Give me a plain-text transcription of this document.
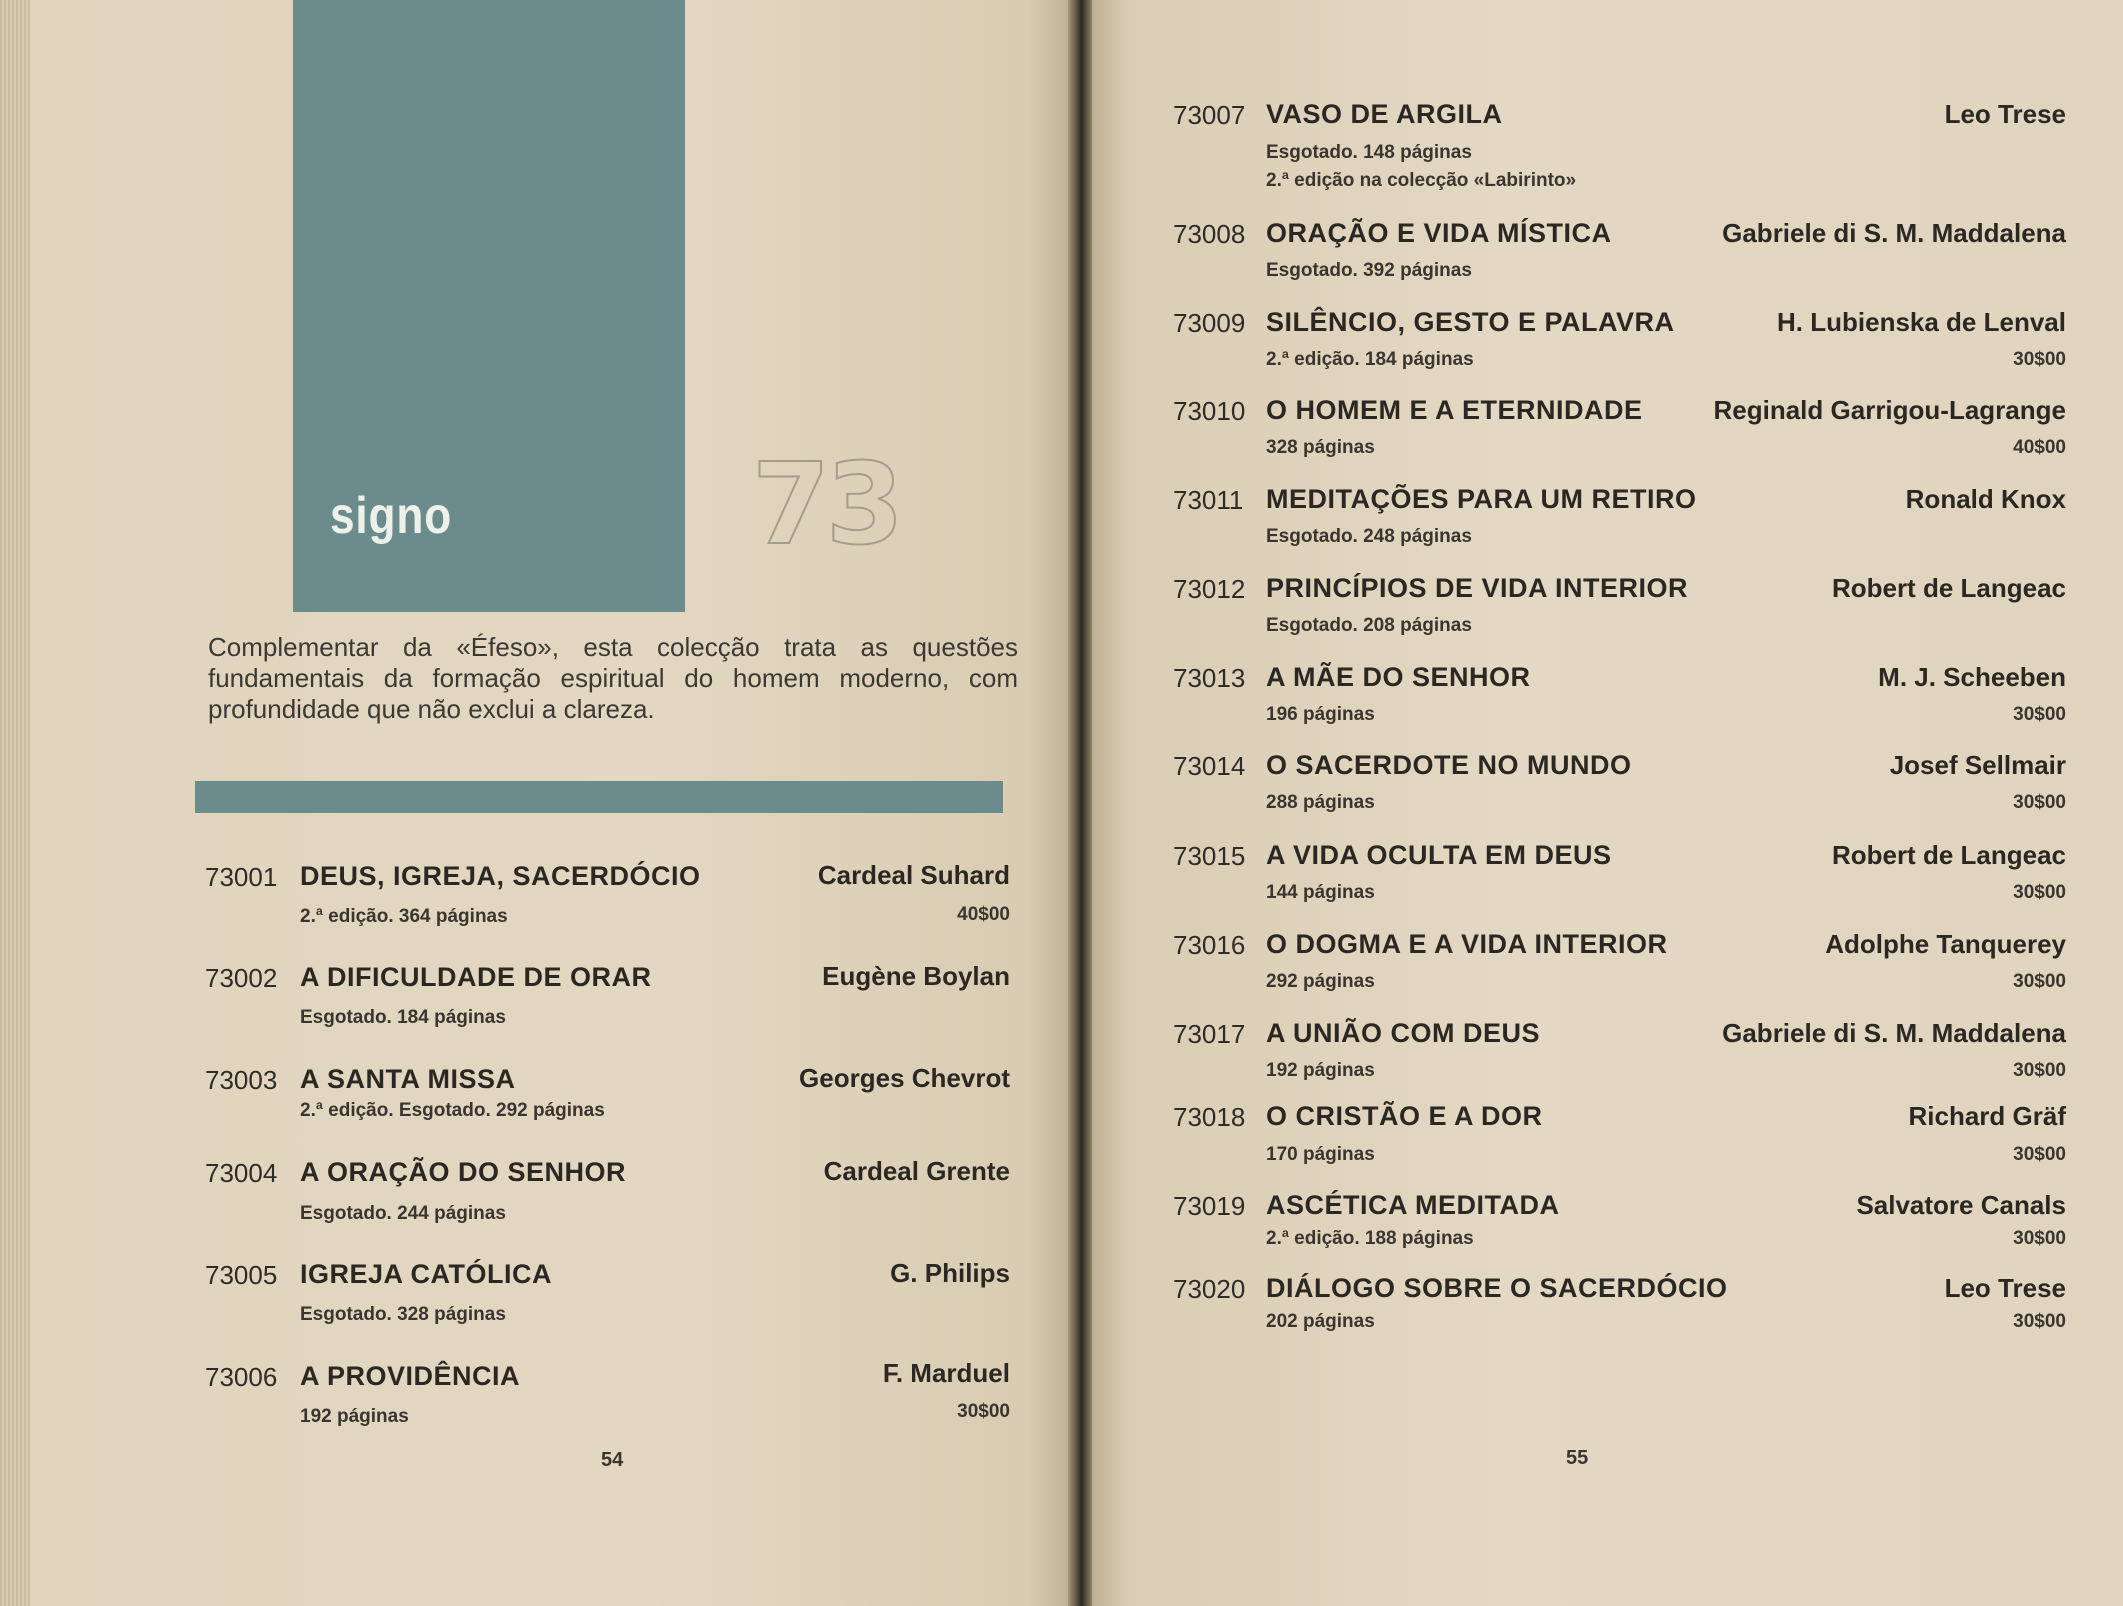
signo	73
Complementar da «Éfeso», esta colecção trata as questões fundamentais da formação espiritual do homem moderno, com profundidade que não exclui a clareza.
73001 DEUS, IGREJA, SACERDÓCIO	Cardeal Suhard
2.ª edição. 364 páginas	40$00
73002 A DIFICULDADE DE ORAR	Eugène Boylan
Esgotado. 184 páginas
73003 A SANTA MISSA	Georges Chevrot
2.ª edição. Esgotado. 292 páginas
73004 A ORAÇÃO DO SENHOR	Cardeal Grente
Esgotado. 244 páginas
73005 IGREJA CATÓLICA	G. Philips
Esgotado. 328 páginas
73006 A PROVIDÊNCIA	F. Marduel
192 páginas	30$00
54
73007 VASO DE ARGILA	Leo Trese
Esgotado. 148 páginas
2.ª edição na colecção «Labirinto»
73008 ORAÇÃO E VIDA MÍSTICA	Gabriele di S. M. Maddalena
Esgotado. 392 páginas
73009 SILÊNCIO, GESTO E PALAVRA	H. Lubienska de Lenval
2.ª edição. 184 páginas	30$00
73010 O HOMEM E A ETERNIDADE	Reginald Garrigou-Lagrange
328 páginas	40$00
73011 MEDITAÇÕES PARA UM RETIRO	Ronald Knox
Esgotado. 248 páginas
73012 PRINCÍPIOS DE VIDA INTERIOR	Robert de Langeac
Esgotado. 208 páginas
73013 A MÃE DO SENHOR	M. J. Scheeben
196 páginas	30$00
73014 O SACERDOTE NO MUNDO	Josef Sellmair
288 páginas	30$00
73015 A VIDA OCULTA EM DEUS	Robert de Langeac
144 páginas	30$00
73016 O DOGMA E A VIDA INTERIOR	Adolphe Tanquerey
292 páginas	30$00
73017 A UNIÃO COM DEUS	Gabriele di S. M. Maddalena
192 páginas	30$00
73018 O CRISTÃO E A DOR	Richard Gräf
170 páginas	30$00
73019 ASCÉTICA MEDITADA	Salvatore Canals
2.ª edição. 188 páginas	30$00
73020 DIÁLOGO SOBRE O SACERDÓCIO	Leo Trese
202 páginas	30$00
55
